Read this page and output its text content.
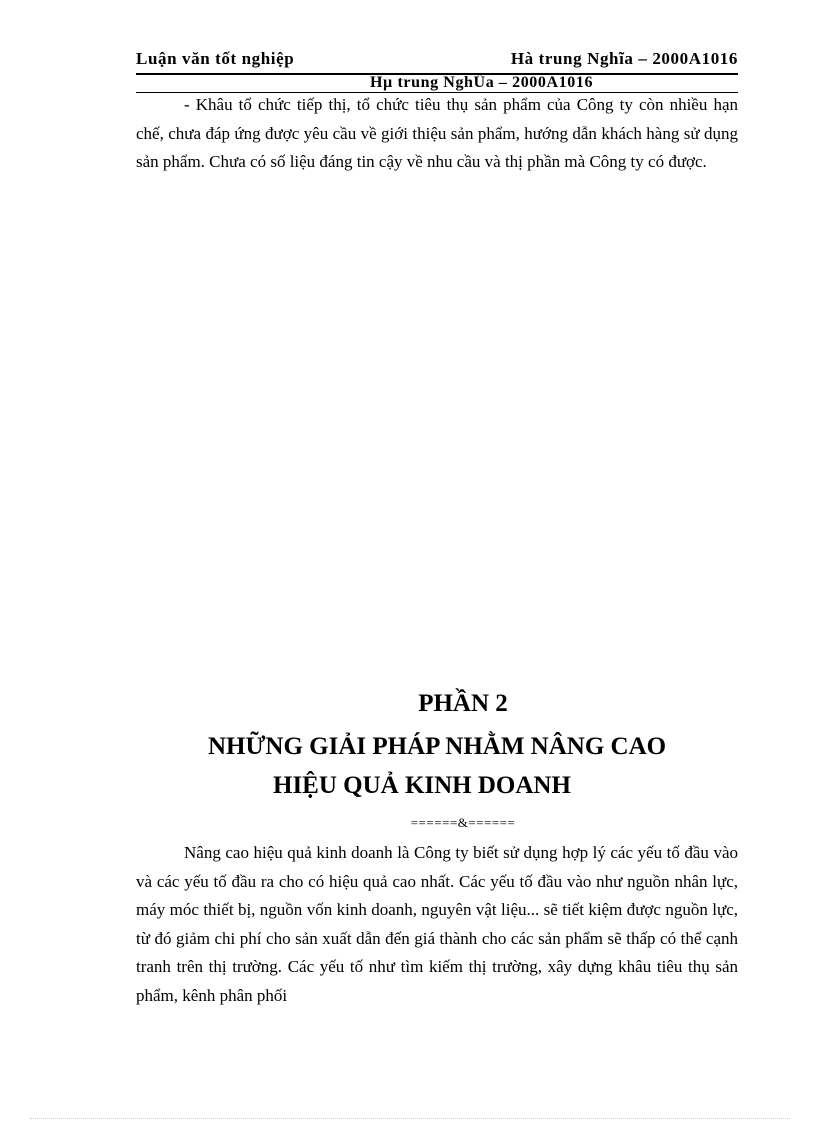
Luận văn tốt nghiệp	Hà trung Nghĩa – 2000A1016
Hµ trung NghÜa – 2000A1016

- Khâu tổ chức tiếp thị, tổ chức tiêu thụ sản phẩm của Công ty còn nhiều hạn chế, chưa đáp ứng được yêu cầu về giới thiệu sản phẩm, hướng dẫn khách hàng sử dụng sản phẩm. Chưa có số liệu đáng tin cậy về nhu cầu và thị phần mà Công ty có được.

PHẦN 2
NHỮNG GIẢI PHÁP NHẰM NÂNG CAO
HIỆU QUẢ KINH DOANH
======&======

Nâng cao hiệu quả kinh doanh là Công ty biết sử dụng hợp lý các yếu tố đầu vào và các yếu tố đầu ra cho có hiệu quả cao nhất. Các yếu tố đầu vào như nguồn nhân lực, máy móc thiết bị, nguồn vốn kinh doanh, nguyên vật liệu... sẽ tiết kiệm được nguồn lực, từ đó giảm chi phí cho sản xuất dẫn đến giá thành cho các sản phẩm sẽ thấp có thể cạnh tranh trên thị trường. Các yếu tố như tìm kiếm thị trường, xây dựng khâu tiêu thụ sản phẩm, kênh phân phối
